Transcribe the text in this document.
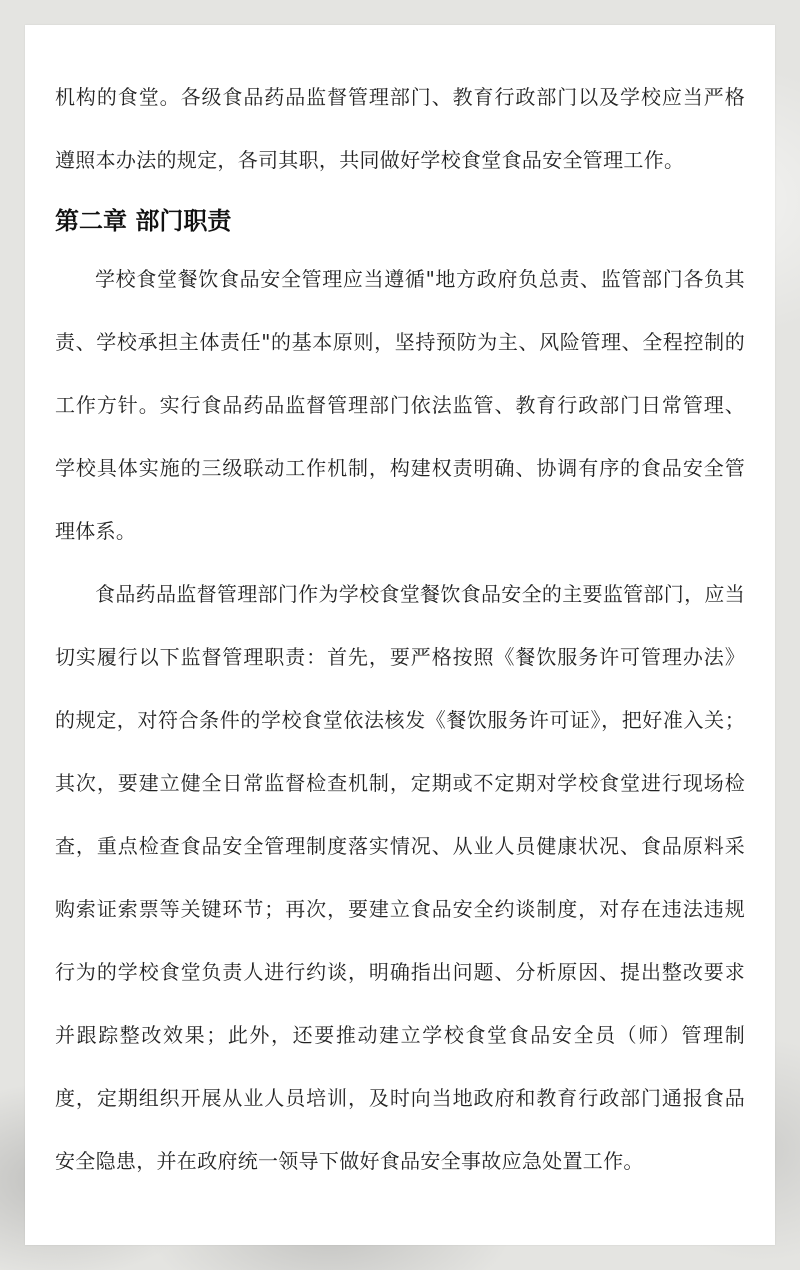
机构的食堂。各级食品药品监督管理部门、教育行政部门以及学校应当严格遵照本办法的规定，各司其职，共同做好学校食堂食品安全管理工作。

第二章 部门职责

学校食堂餐饮食品安全管理应当遵循"地方政府负总责、监管部门各负其责、学校承担主体责任"的基本原则，坚持预防为主、风险管理、全程控制的工作方针。实行食品药品监督管理部门依法监管、教育行政部门日常管理、学校具体实施的三级联动工作机制，构建权责明确、协调有序的食品安全管理体系。

食品药品监督管理部门作为学校食堂餐饮食品安全的主要监管部门，应当切实履行以下监督管理职责：首先，要严格按照《餐饮服务许可管理办法》的规定，对符合条件的学校食堂依法核发《餐饮服务许可证》，把好准入关；其次，要建立健全日常监督检查机制，定期或不定期对学校食堂进行现场检查，重点检查食品安全管理制度落实情况、从业人员健康状况、食品原料采购索证索票等关键环节；再次，要建立食品安全约谈制度，对存在违法违规行为的学校食堂负责人进行约谈，明确指出问题、分析原因、提出整改要求并跟踪整改效果；此外，还要推动建立学校食堂食品安全员（师）管理制度，定期组织开展从业人员培训，及时向当地政府和教育行政部门通报食品安全隐患，并在政府统一领导下做好食品安全事故应急处置工作。
